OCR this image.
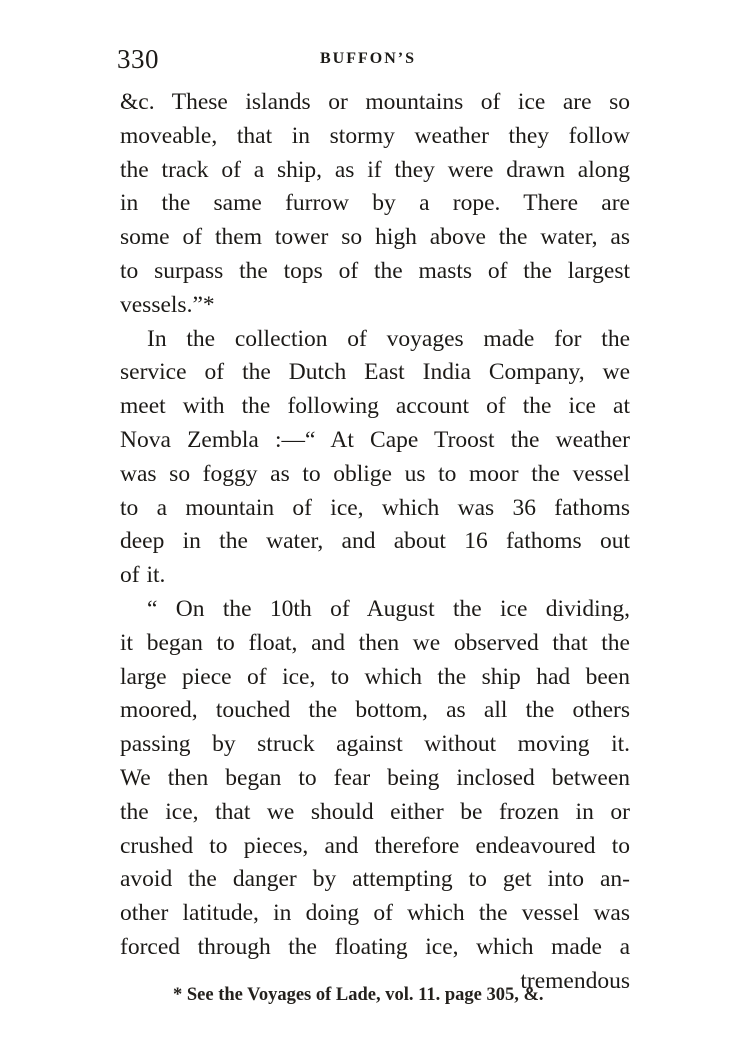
330	BUFFON’S
&c. These islands or mountains of ice are so
moveable, that in stormy weather they follow
the track of a ship, as if they were drawn along
in the same furrow by a rope. There are
some of them tower so high above the water, as
to surpass the tops of the masts of the largest
vessels.”*
In the collection of voyages made for the
service of the Dutch East India Company, we
meet with the following account of the ice at
Nova Zembla :—“ At Cape Troost the weather
was so foggy as to oblige us to moor the vessel
to a mountain of ice, which was 36 fathoms
deep in the water, and about 16 fathoms out
of it.
“ On the 10th of August the ice dividing,
it began to float, and then we observed that the
large piece of ice, to which the ship had been
moored, touched the bottom, as all the others
passing by struck against without moving it.
We then began to fear being inclosed between
the ice, that we should either be frozen in or
crushed to pieces, and therefore endeavoured to
avoid the danger by attempting to get into an-
other latitude, in doing of which the vessel was
forced through the floating ice, which made a
tremendous
* See the Voyages of Lade, vol. 11. page 305, &.
